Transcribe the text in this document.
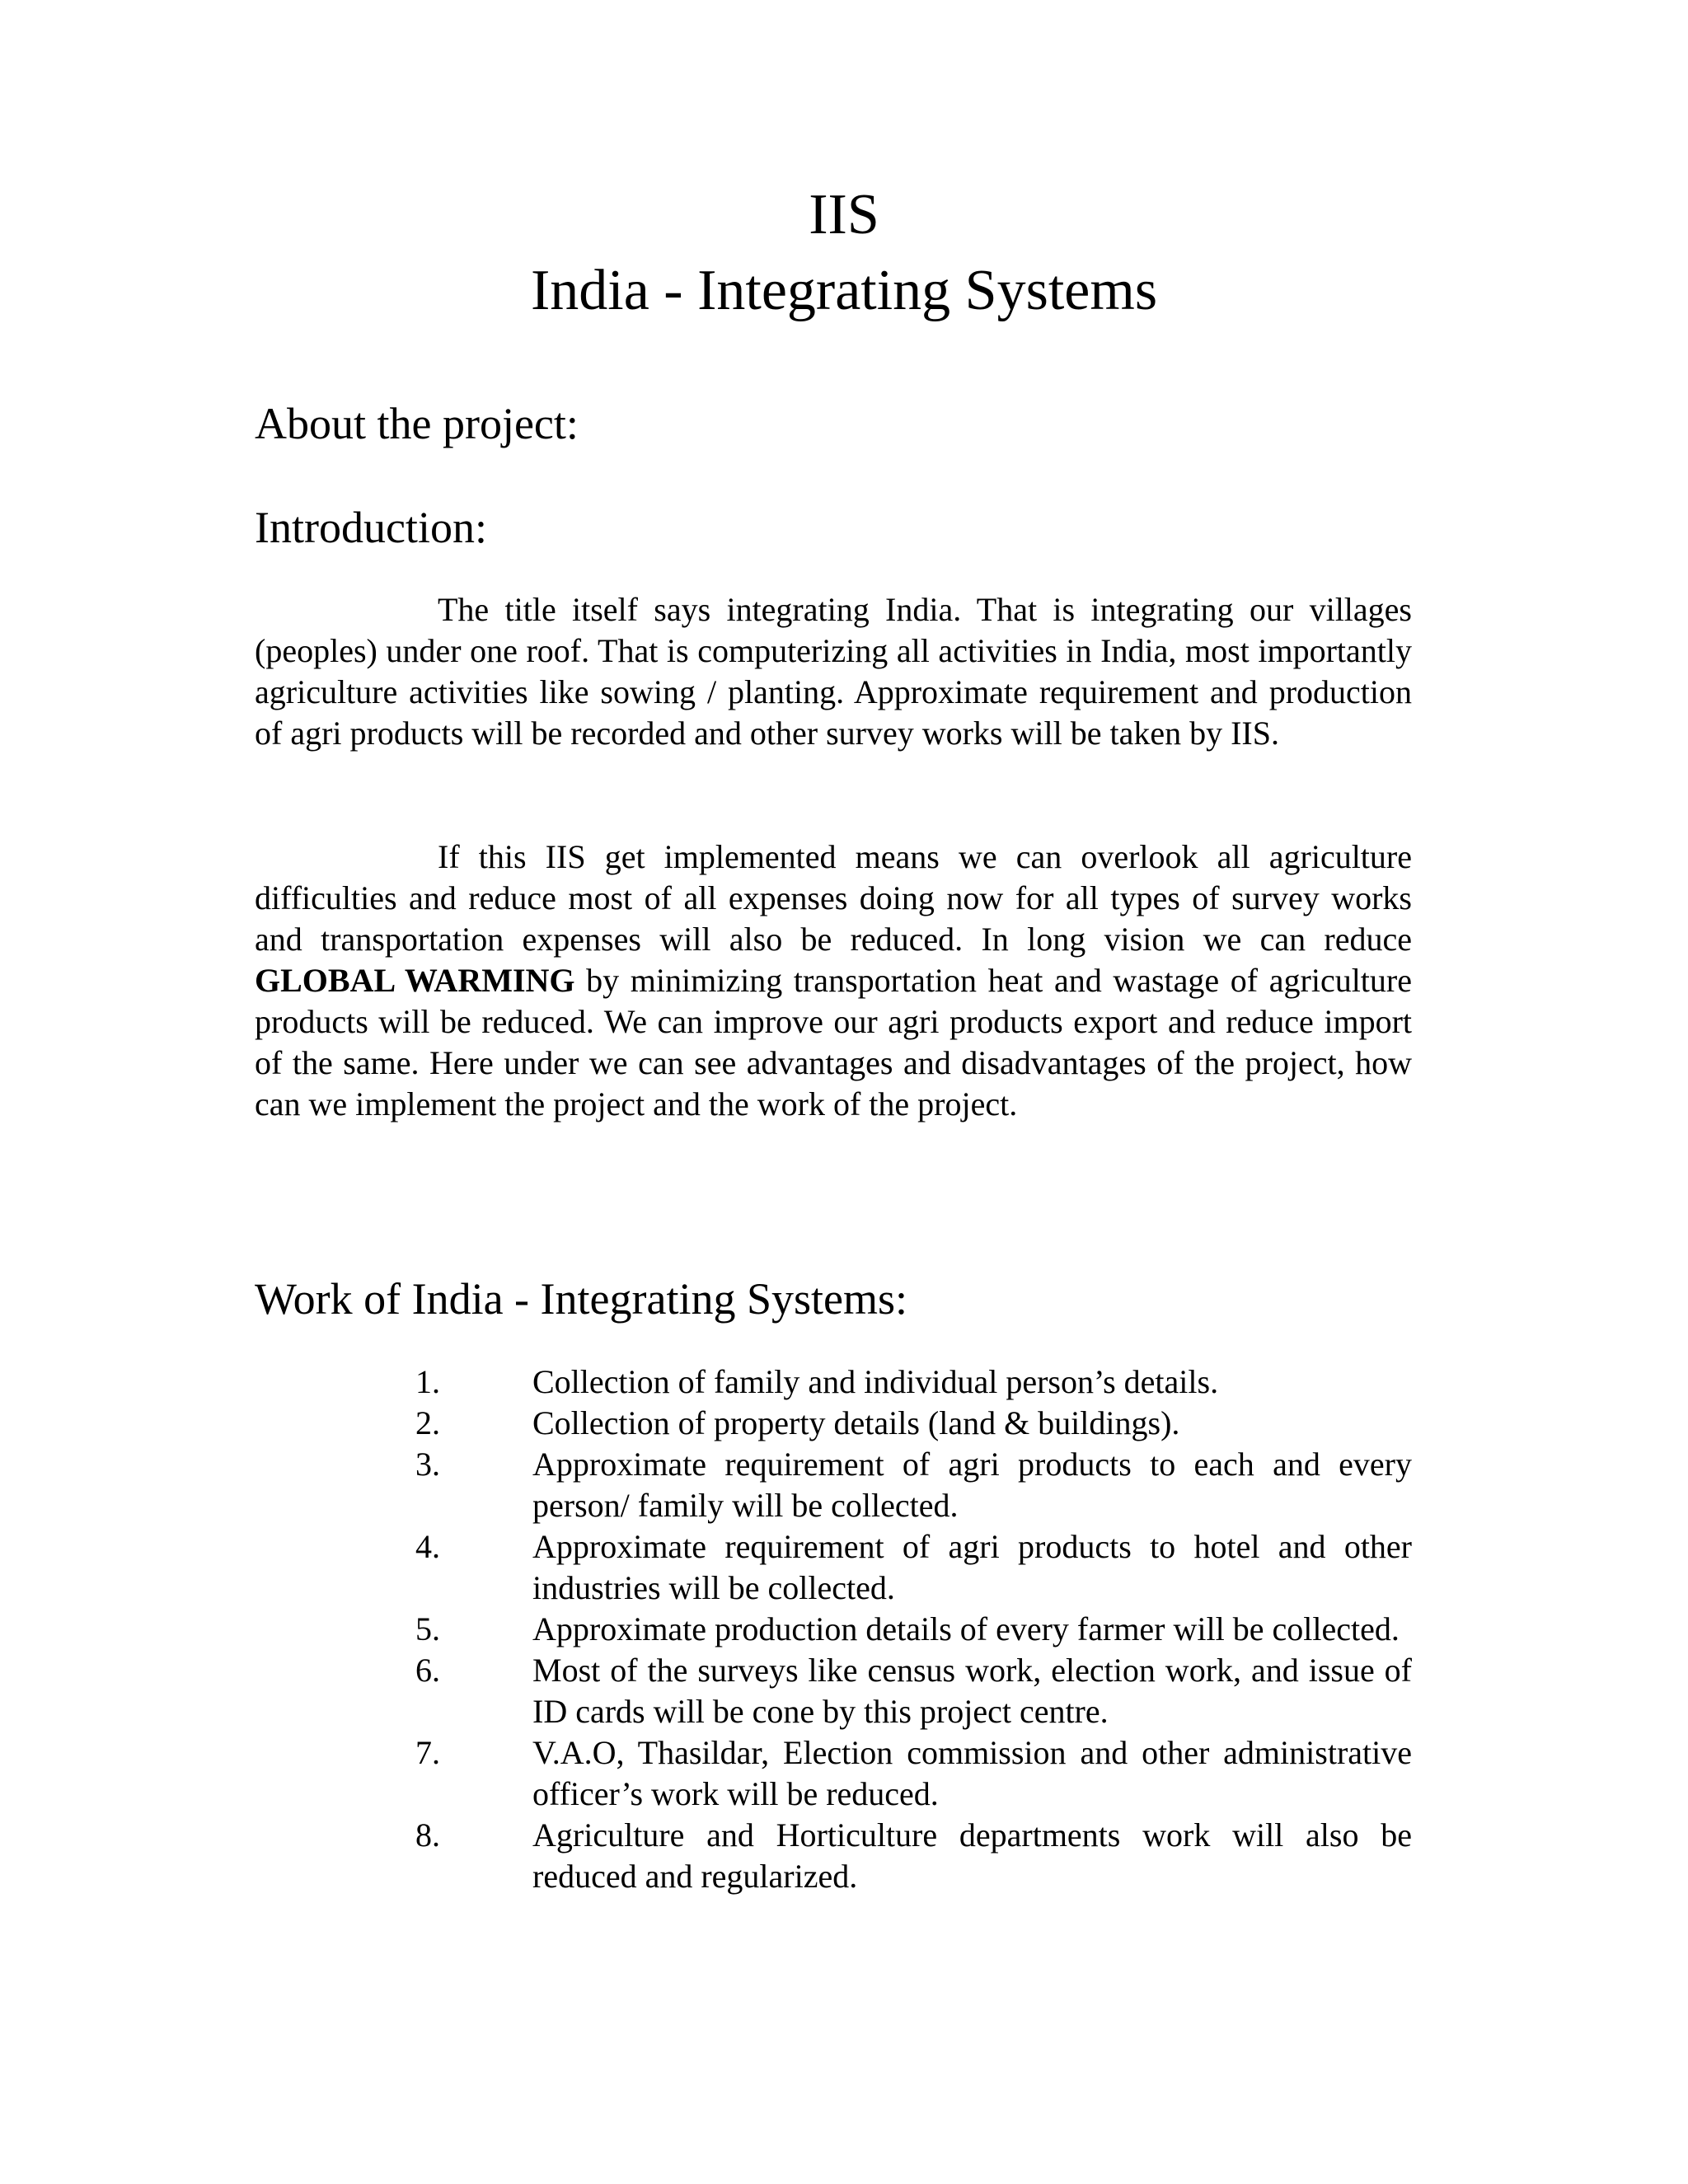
IIS
India - Integrating Systems
About the project:
Introduction:

The title itself says integrating India. That is integrating our villages (peoples) under one roof. That is computerizing all activities in India, most importantly agriculture activities like sowing / planting. Approximate requirement and production of agri products will be recorded and other survey works will be taken by IIS.

If this IIS get implemented means we can overlook all agriculture difficulties and reduce most of all expenses doing now for all types of survey works and transportation expenses will also be reduced. In long vision we can reduce GLOBAL WARMING by minimizing transportation heat and wastage of agriculture products will be reduced. We can improve our agri products export and reduce import of the same. Here under we can see advantages and disadvantages of the project, how can we implement the project and the work of the project.

Work of India - Integrating Systems:
1.	Collection of family and individual person’s details.
2.	Collection of property details (land & buildings).
3.	Approximate requirement of agri products to each and every person/ family will be collected.
4.	Approximate requirement of agri products to hotel and other industries will be collected.
5.	Approximate production details of every farmer will be collected.
6.	Most of the surveys like census work, election work, and issue of ID cards will be cone by this project centre.
7.	V.A.O, Thasildar, Election commission and other administrative officer’s work will be reduced.
8.	Agriculture and Horticulture departments work will also be reduced and regularized.
